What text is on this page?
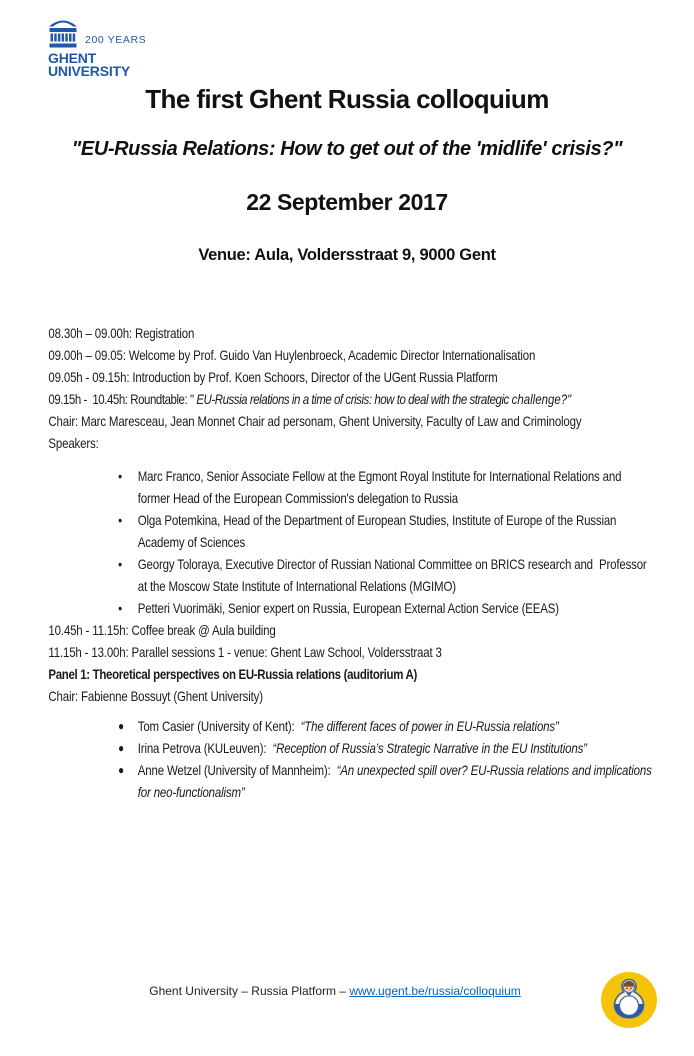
200 YEARS
GHENT
UNIVERSITY
The first Ghent Russia colloquium
"EU-Russia Relations: How to get out of the 'midlife' crisis?"
22 September 2017
Venue: Aula, Voldersstraat 9, 9000 Gent

08.30h – 09.00h: Registration

09.00h – 09.05: Welcome by Prof. Guido Van Huylenbroeck, Academic Director Internationalisation

09.05h - 09.15h: Introduction by Prof. Koen Schoors, Director of the UGent Russia Platform

09.15h -  10.45h: Roundtable: " EU-Russia relations in a time of crisis: how to deal with the strategic challenge?"

Chair: Marc Maresceau, Jean Monnet Chair ad personam, Ghent University, Faculty of Law and Criminology

Speakers:

•	Marc Franco, Senior Associate Fellow at the Egmont Royal Institute for International Relations and former Head of the European Commission's delegation to Russia
•	Olga Potemkina, Head of the Department of European Studies, Institute of Europe of the Russian Academy of Sciences
•	Georgy Toloraya, Executive Director of Russian National Committee on BRICS research and  Professor at the Moscow State Institute of International Relations (MGIMO)
•	Petteri Vuorimäki, Senior expert on Russia, European External Action Service (EEAS)

10.45h - 11.15h: Coffee break @ Aula building

11.15h - 13.00h: Parallel sessions 1 - venue: Ghent Law School, Voldersstraat 3

Panel 1: Theoretical perspectives on EU-Russia relations (auditorium A)

Chair: Fabienne Bossuyt (Ghent University)

● Tom Casier (University of Kent):  “The different faces of power in EU-Russia relations”
● Irina Petrova (KULeuven):  “Reception of Russia’s Strategic Narrative in the EU Institutions”
● Anne Wetzel (University of Mannheim):  “An unexpected spill over? EU-Russia relations and implications for neo-functionalism”
Ghent University – Russia Platform – www.ugent.be/russia/colloquium
